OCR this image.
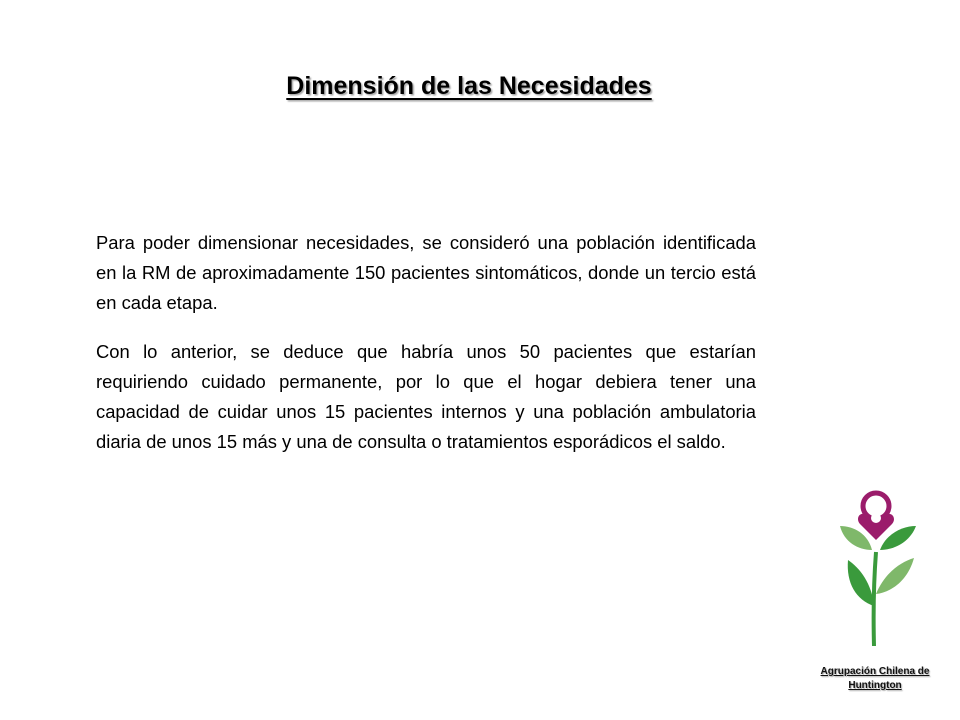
Dimensión de las Necesidades

Para poder dimensionar necesidades, se consideró una población identificada en la RM de aproximadamente 150 pacientes sintomáticos, donde un tercio está en cada etapa.

Con lo anterior, se deduce que habría unos 50 pacientes que estarían requiriendo cuidado permanente, por lo que el hogar debiera tener una capacidad de cuidar unos 15 pacientes internos y una población ambulatoria diaria de unos 15 más y una de consulta o tratamientos esporádicos el saldo.

Agrupación Chilena de
Huntington
